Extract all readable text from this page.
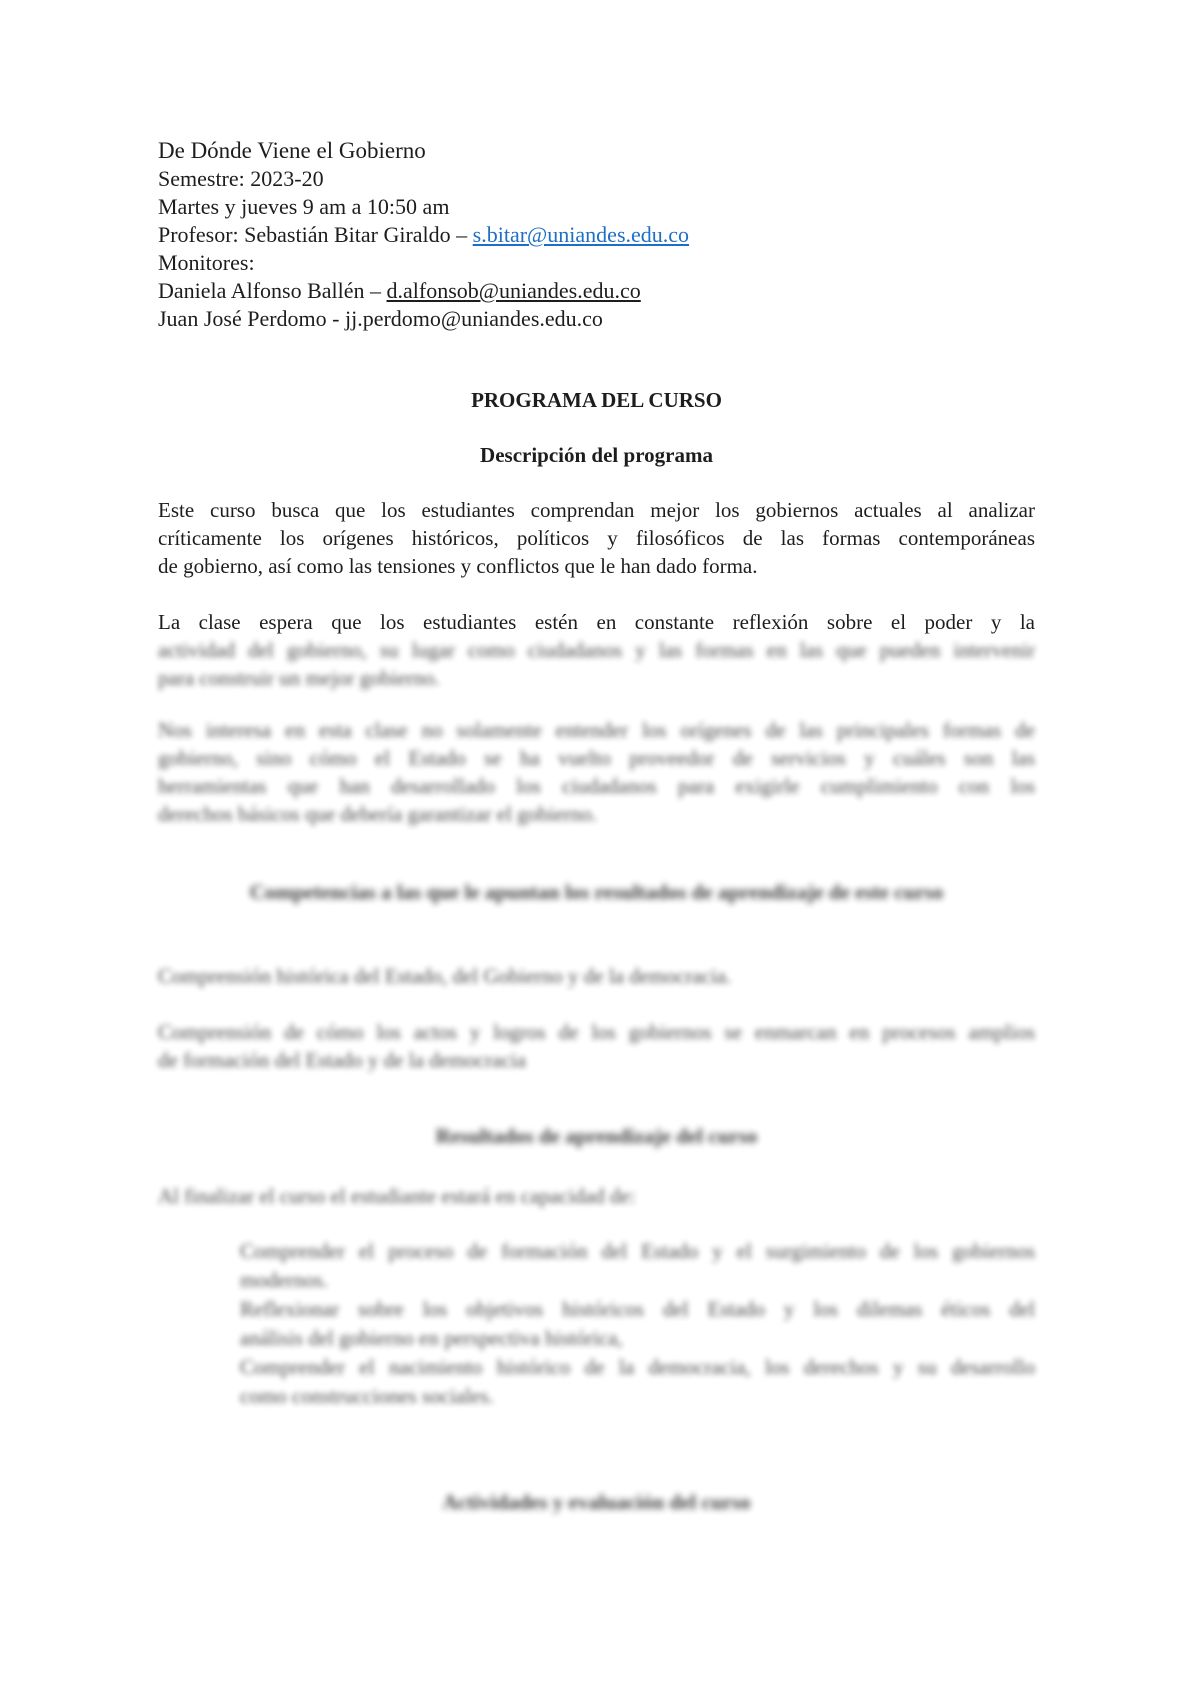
De Dónde Viene el Gobierno
Semestre: 2023-20
Martes y jueves 9 am a 10:50 am
Profesor: Sebastián Bitar Giraldo – s.bitar@uniandes.edu.co
Monitores:
Daniela Alfonso Ballén – d.alfonsob@uniandes.edu.co
Juan José Perdomo - jj.perdomo@uniandes.edu.co
PROGRAMA DEL CURSO
Descripción del programa
Este curso busca que los estudiantes comprendan mejor los gobiernos actuales al analizar
críticamente los orígenes históricos, políticos y filosóficos de las formas contemporáneas
de gobierno, así como las tensiones y conflictos que le han dado forma.
La clase espera que los estudiantes estén en constante reflexión sobre el poder y la
actividad del gobierno, su lugar como ciudadanos y las formas en las que pueden intervenir
para construir un mejor gobierno.
Nos interesa en esta clase no solamente entender los orígenes de las principales formas de
gobierno, sino cómo el Estado se ha vuelto proveedor de servicios y cuáles son las
herramientas que han desarrollado los ciudadanos para exigirle cumplimiento con los
derechos básicos que debería garantizar el gobierno.
Competencias a las que le apuntan los resultados de aprendizaje de este curso
Comprensión histórica del Estado, del Gobierno y de la democracia.
Comprensión de cómo los actos y logros de los gobiernos se enmarcan en procesos amplios
de formación del Estado y de la democracia
Resultados de aprendizaje del curso
Al finalizar el curso el estudiante estará en capacidad de:
Comprender el proceso de formación del Estado y el surgimiento de los gobiernos
modernos.
Reflexionar sobre los objetivos históricos del Estado y los dilemas éticos del
análisis del gobierno en perspectiva histórica,
Comprender el nacimiento histórico de la democracia, los derechos y su desarrollo
como construcciones sociales.
Actividades y evaluación del curso
